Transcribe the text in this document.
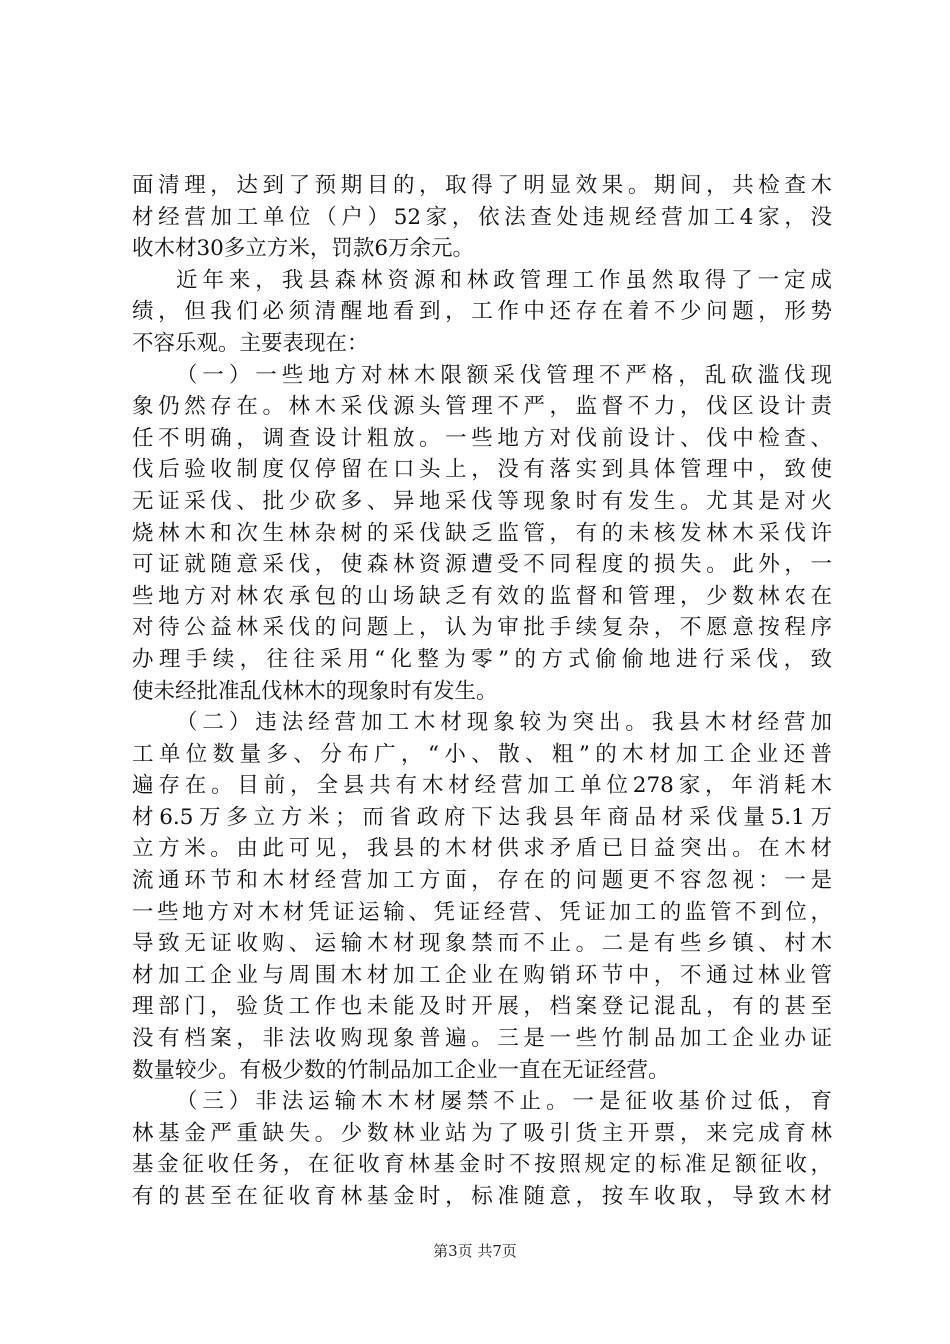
面清理，达到了预期目的，取得了明显效果。期间，共检查木
材经营加工单位（户）52家，依法查处违规经营加工4家，没
收木材30多立方米，罚款6万余元。
近年来，我县森林资源和林政管理工作虽然取得了一定成
绩，但我们必须清醒地看到，工作中还存在着不少问题，形势
不容乐观。主要表现在：
（一）一些地方对林木限额采伐管理不严格，乱砍滥伐现
象仍然存在。林木采伐源头管理不严，监督不力，伐区设计责
任不明确，调查设计粗放。一些地方对伐前设计、伐中检查、
伐后验收制度仅停留在口头上，没有落实到具体管理中，致使
无证采伐、批少砍多、异地采伐等现象时有发生。尤其是对火
烧林木和次生林杂树的采伐缺乏监管，有的未核发林木采伐许
可证就随意采伐，使森林资源遭受不同程度的损失。此外，一
些地方对林农承包的山场缺乏有效的监督和管理，少数林农在
对待公益林采伐的问题上，认为审批手续复杂，不愿意按程序
办理手续，往往采用“化整为零”的方式偷偷地进行采伐，致
使未经批准乱伐林木的现象时有发生。
（二）违法经营加工木材现象较为突出。我县木材经营加
工单位数量多、分布广，“小、散、粗”的木材加工企业还普
遍存在。目前，全县共有木材经营加工单位278家，年消耗木
材6.5万多立方米；而省政府下达我县年商品材采伐量5.1万
立方米。由此可见，我县的木材供求矛盾已日益突出。在木材
流通环节和木材经营加工方面，存在的问题更不容忽视：一是
一些地方对木材凭证运输、凭证经营、凭证加工的监管不到位，
导致无证收购、运输木材现象禁而不止。二是有些乡镇、村木
材加工企业与周围木材加工企业在购销环节中，不通过林业管
理部门，验货工作也未能及时开展，档案登记混乱，有的甚至
没有档案，非法收购现象普遍。三是一些竹制品加工企业办证
数量较少。有极少数的竹制品加工企业一直在无证经营。
（三）非法运输木木材屡禁不止。一是征收基价过低，育
林基金严重缺失。少数林业站为了吸引货主开票，来完成育林
基金征收任务，在征收育林基金时不按照规定的标准足额征收，
有的甚至在征收育林基金时，标准随意，按车收取，导致木材
第3页 共7页
